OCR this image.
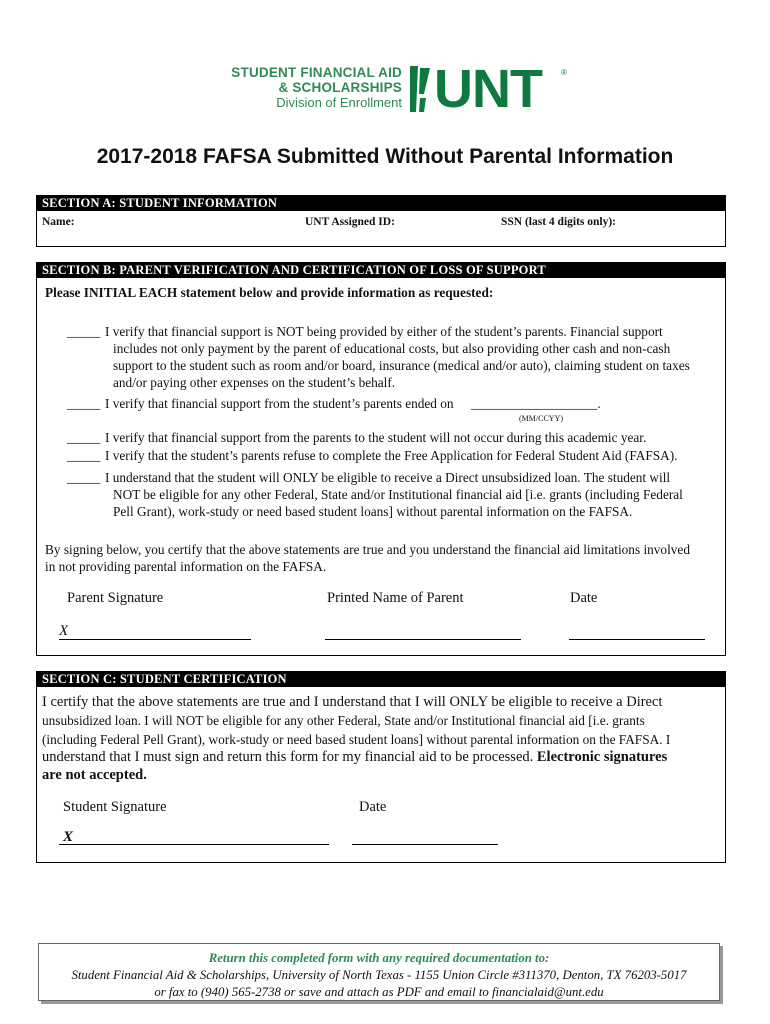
STUDENT FINANCIAL AID
& SCHOLARSHIPS
Division of Enrollment UNT ®
2017-2018 FAFSA Submitted Without Parental Information
SECTION A: STUDENT INFORMATION
Name:	UNT Assigned ID:	SSN (last 4 digits only):
SECTION B: PARENT VERIFICATION AND CERTIFICATION OF LOSS OF SUPPORT
Please INITIAL EACH statement below and provide information as requested:
_____ I verify that financial support is NOT being provided by either of the student’s parents. Financial support
includes not only payment by the parent of educational costs, but also providing other cash and non-cash
support to the student such as room and/or board, insurance (medical and/or auto), claiming student on taxes
and/or paying other expenses on the student’s behalf.
_____ I verify that financial support from the student’s parents ended on ___________________.
(MM/CCYY)
_____ I verify that financial support from the parents to the student will not occur during this academic year.
_____ I verify that the student’s parents refuse to complete the Free Application for Federal Student Aid (FAFSA).
_____ I understand that the student will ONLY be eligible to receive a Direct unsubsidized loan. The student will
NOT be eligible for any other Federal, State and/or Institutional financial aid [i.e. grants (including Federal
Pell Grant), work-study or need based student loans] without parental information on the FAFSA.
By signing below, you certify that the above statements are true and you understand the financial aid limitations involved
in not providing parental information on the FAFSA.
Parent Signature	Printed Name of Parent	Date
X
SECTION C: STUDENT CERTIFICATION
I certify that the above statements are true and I understand that I will ONLY be eligible to receive a Direct
unsubsidized loan. I will NOT be eligible for any other Federal, State and/or Institutional financial aid [i.e. grants
(including Federal Pell Grant), work-study or need based student loans] without parental information on the FAFSA. I
understand that I must sign and return this form for my financial aid to be processed. Electronic signatures
are not accepted.
Student Signature	Date
X
Return this completed form with any required documentation to:
Student Financial Aid & Scholarships, University of North Texas - 1155 Union Circle #311370, Denton, TX 76203-5017
or fax to (940) 565-2738 or save and attach as PDF and email to financialaid@unt.edu
